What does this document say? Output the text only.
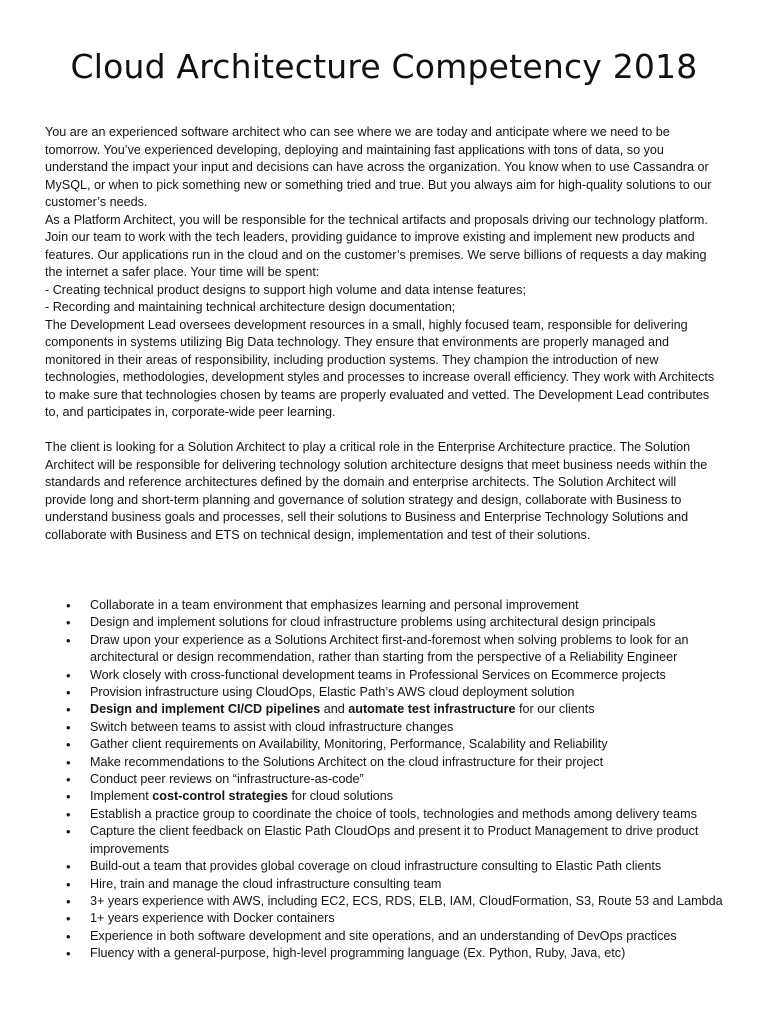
Cloud Architecture Competency 2018

You are an experienced software architect who can see where we are today and anticipate where we need to be

tomorrow. You’ve experienced developing, deploying and maintaining fast applications with tons of data, so you

understand the impact your input and decisions can have across the organization. You know when to use Cassandra or

MySQL, or when to pick something new or something tried and true. But you always aim for high-quality solutions to our

customer’s needs.

As a Platform Architect, you will be responsible for the technical artifacts and proposals driving our technology platform.

Join our team to work with the tech leaders, providing guidance to improve existing and implement new products and

features. Our applications run in the cloud and on the customer’s premises. We serve billions of requests a day making

the internet a safer place. Your time will be spent:

- Creating technical product designs to support high volume and data intense features;

- Recording and maintaining technical architecture design documentation;

The Development Lead oversees development resources in a small, highly focused team, responsible for delivering

components in systems utilizing Big Data technology. They ensure that environments are properly managed and

monitored in their areas of responsibility, including production systems. They champion the introduction of new

technologies, methodologies, development styles and processes to increase overall efficiency. They work with Architects

to make sure that technologies chosen by teams are properly evaluated and vetted. The Development Lead contributes

to, and participates in, corporate-wide peer learning.

The client is looking for a Solution Architect to play a critical role in the Enterprise Architecture practice. The Solution

Architect will be responsible for delivering technology solution architecture designs that meet business needs within the

standards and reference architectures defined by the domain and enterprise architects. The Solution Architect will

provide long and short-term planning and governance of solution strategy and design, collaborate with Business to

understand business goals and processes, sell their solutions to Business and Enterprise Technology Solutions and

collaborate with Business and ETS on technical design, implementation and test of their solutions.

•	Collaborate in a team environment that emphasizes learning and personal improvement
•	Design and implement solutions for cloud infrastructure problems using architectural design principals
•	Draw upon your experience as a Solutions Architect first-and-foremost when solving problems to look for an
architectural or design recommendation, rather than starting from the perspective of a Reliability Engineer
•	Work closely with cross-functional development teams in Professional Services on Ecommerce projects
•	Provision infrastructure using CloudOps, Elastic Path’s AWS cloud deployment solution
•	Design and implement CI/CD pipelines and automate test infrastructure for our clients
•	Switch between teams to assist with cloud infrastructure changes
•	Gather client requirements on Availability, Monitoring, Performance, Scalability and Reliability
•	Make recommendations to the Solutions Architect on the cloud infrastructure for their project
•	Conduct peer reviews on “infrastructure-as-code”
•	Implement cost-control strategies for cloud solutions
•	Establish a practice group to coordinate the choice of tools, technologies and methods among delivery teams
•	Capture the client feedback on Elastic Path CloudOps and present it to Product Management to drive product
improvements
•	Build-out a team that provides global coverage on cloud infrastructure consulting to Elastic Path clients
•	Hire, train and manage the cloud infrastructure consulting team
•	3+ years experience with AWS, including EC2, ECS, RDS, ELB, IAM, CloudFormation, S3, Route 53 and Lambda
•	1+ years experience with Docker containers
•	Experience in both software development and site operations, and an understanding of DevOps practices
•	Fluency with a general-purpose, high-level programming language (Ex. Python, Ruby, Java, etc)
